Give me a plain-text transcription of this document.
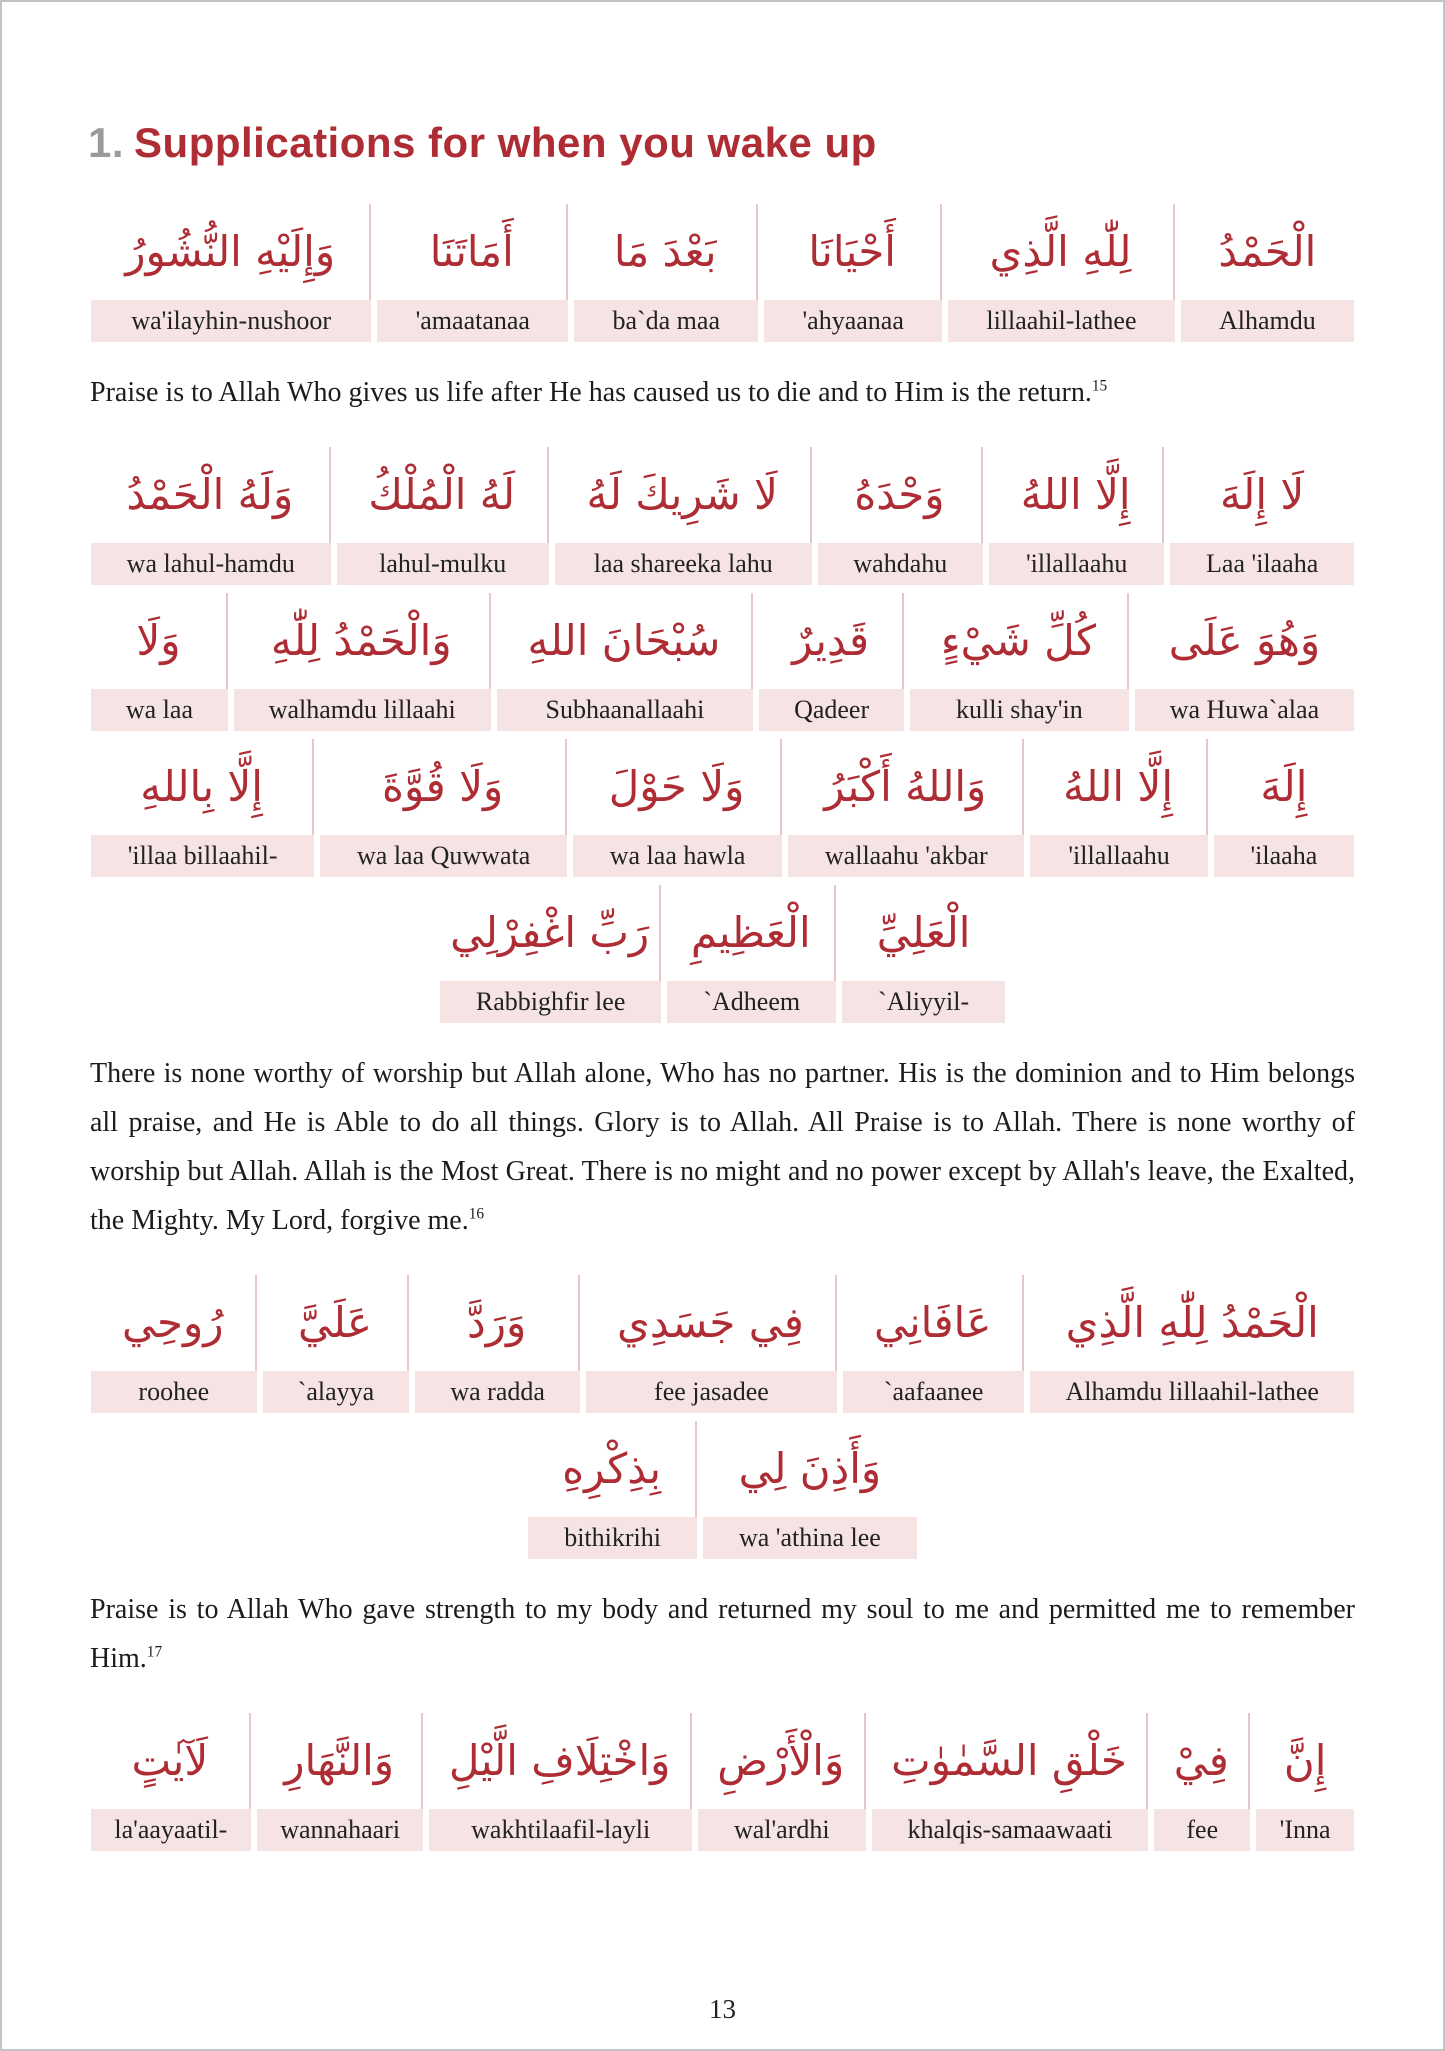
1. Supplications for when you wake up
الْحَمْدُ
Alhamdu
لِلّٰهِ الَّذِي
lillaahil-lathee
أَحْيَانَا
'ahyaanaa
بَعْدَ مَا
ba`da maa
أَمَاتَنَا
'amaatanaa
وَإِلَيْهِ النُّشُورُ
wa'ilayhin-nushoor

Praise is to Allah Who gives us life after He has caused us to die and to Him is the return.$^{15}$

لَا إِلَهَ
Laa 'ilaaha
إِلَّا اللهُ
'illallaahu
وَحْدَهُ
wahdahu
لَا شَرِيكَ لَهُ
laa shareeka lahu
لَهُ الْمُلْكُ
lahul-mulku
وَلَهُ الْحَمْدُ
wa lahul-hamdu
وَهُوَ عَلَى
wa Huwa`alaa
كُلِّ شَيْءٍ
kulli shay'in
قَدِيرٌ
Qadeer
سُبْحَانَ اللهِ
Subhaanallaahi
وَالْحَمْدُ لِلّٰهِ
walhamdu lillaahi
وَلَا
wa laa
إِلَهَ
'ilaaha
إِلَّا اللهُ
'illallaahu
وَاللهُ أَكْبَرُ
wallaahu 'akbar
وَلَا حَوْلَ
wa laa hawla
وَلَا قُوَّةَ
wa laa Quwwata
إِلَّا بِاللهِ
'illaa billaahil-
الْعَلِيِّ
`Aliyyil-
الْعَظِيمِ
`Adheem
رَبِّ اغْفِرْلِي
Rabbighfir lee

There is none worthy of worship but Allah alone, Who has no partner. His is the dominion and to Him belongs all praise, and He is Able to do all things. Glory is to Allah. All Praise is to Allah. There is none worthy of worship but Allah. Allah is the Most Great. There is no might and no power except by Allah's leave, the Exalted, the Mighty. My Lord, forgive me.$^{16}$

الْحَمْدُ لِلّٰهِ الَّذِي
Alhamdu lillaahil-lathee
عَافَانِي
`aafaanee
فِي جَسَدِي
fee jasadee
وَرَدَّ
wa radda
عَلَيَّ
`alayya
رُوحِي
roohee
وَأَذِنَ لِي
wa 'athina lee
بِذِكْرِهِ
bithikrihi

Praise is to Allah Who gave strength to my body and returned my soul to me and permitted me to remember Him.$^{17}$

إِنَّ
'Inna
فِيْ
fee
خَلْقِ السَّمٰوٰتِ
khalqis-samaawaati
وَالْأَرْضِ
wal'ardhi
وَاخْتِلَافِ الَّيْلِ
wakhtilaafil-layli
وَالنَّهَارِ
wannahaari
لَآيٰتٍ
la'aayaatil-
13
